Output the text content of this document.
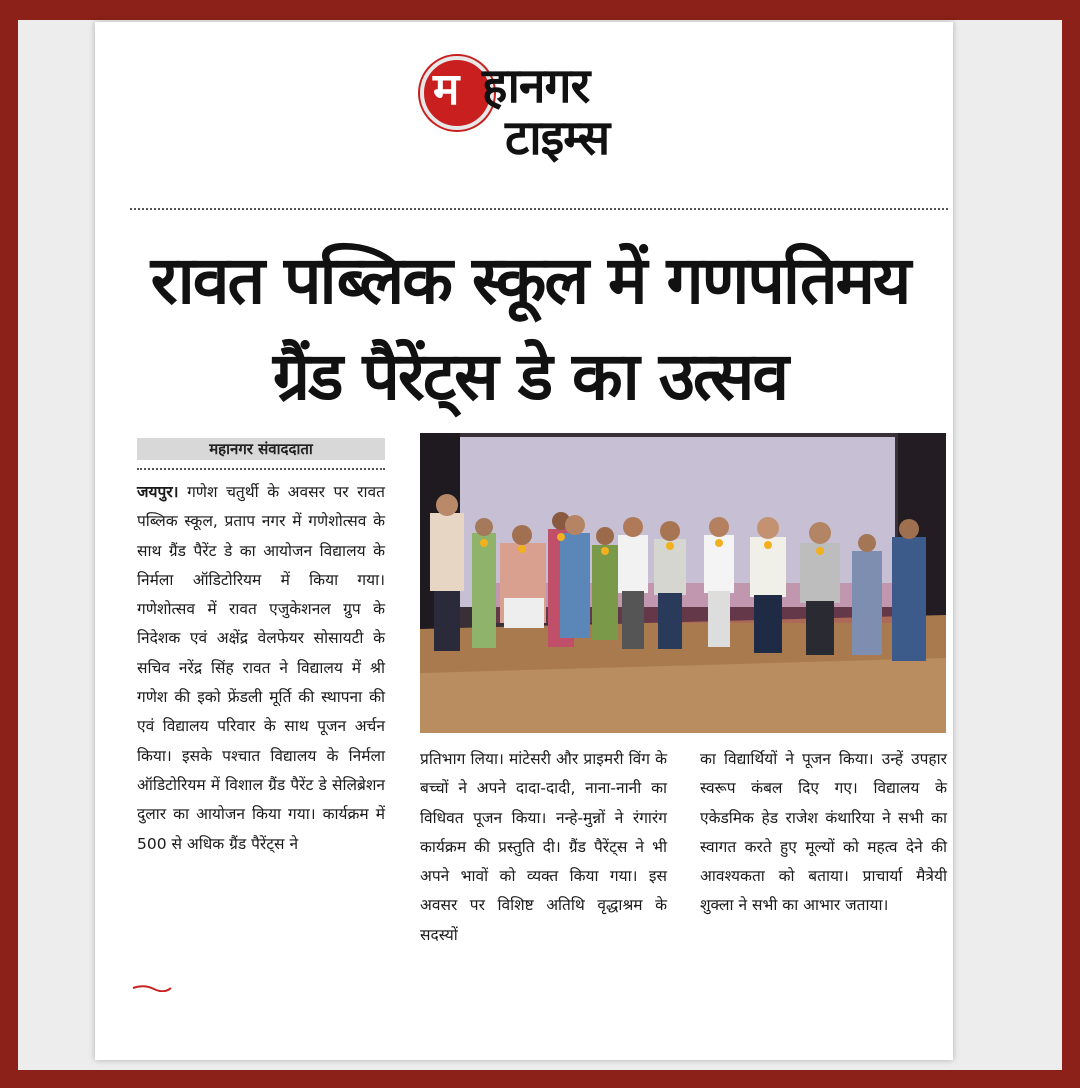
म हानगर
टाइम्स
रावत पब्लिक स्कूल में गणपतिमय
ग्रैंड पैरेंट्स डे का उत्सव
महानगर संवाददाता

जयपुर। गणेश चतुर्थी के अवसर पर रावत पब्लिक स्कूल, प्रताप नगर में गणेशोत्सव के साथ ग्रैंड पैरेंट डे का आयोजन विद्यालय के निर्मला ऑडिटोरियम में किया गया। गणेशोत्सव में रावत एजुकेशनल ग्रुप के निदेशक एवं अक्षेंद्र वेलफेयर सोसायटी के सचिव नरेंद्र सिंह रावत ने विद्यालय में श्री गणेश की इको फ्रेंडली मूर्ति की स्थापना की एवं विद्यालय परिवार के साथ पूजन अर्चन किया। इसके पश्चात विद्यालय के निर्मला ऑडिटोरियम में विशाल ग्रैंड पैरेंट डे सेलिब्रेशन दुलार का आयोजन किया गया। कार्यक्रम में 500 से अधिक ग्रैंड पैरेंट्स ने

प्रतिभाग लिया। मांटेसरी और प्राइमरी विंग के बच्चों ने अपने दादा-दादी, नाना-नानी का विधिवत पूजन किया। नन्हे-मुन्नों ने रंगारंग कार्यक्रम की प्रस्तुति दी। ग्रैंड पैरेंट्स ने भी अपने भावों को व्यक्त किया गया। इस अवसर पर विशिष्ट अतिथि वृद्धाश्रम के सदस्यों

का विद्यार्थियों ने पूजन किया। उन्हें उपहार स्वरूप कंबल दिए गए। विद्यालय के एकेडमिक हेड राजेश कंथारिया ने सभी का स्वागत करते हुए मूल्यों को महत्व देने की आवश्यकता को बताया। प्राचार्या मैत्रेयी शुक्ला ने सभी का आभार जताया।
